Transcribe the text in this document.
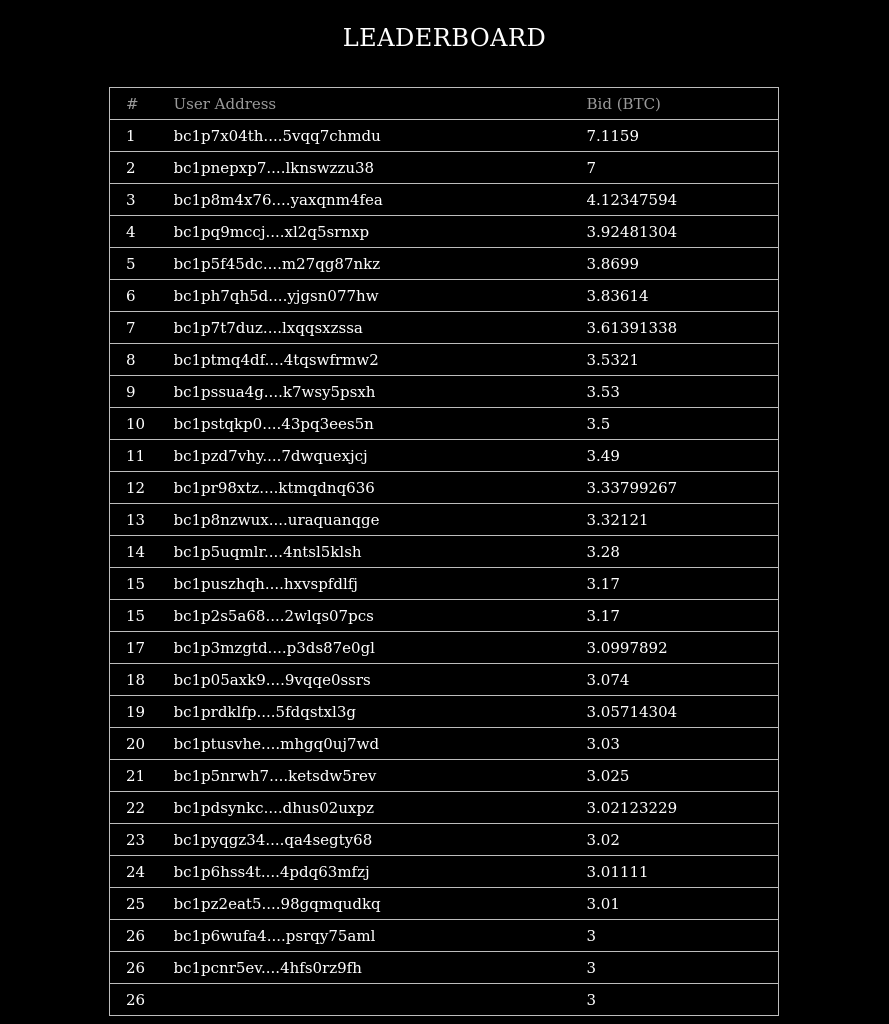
LEADERBOARD
#	User Address	Bid (BTC)
1	bc1p7x04th....5vqq7chmdu	7.1159
2	bc1pnepxp7....lknswzzu38	7
3	bc1p8m4x76....yaxqnm4fea	4.12347594
4	bc1pq9mccj....xl2q5srnxp	3.92481304
5	bc1p5f45dc....m27qg87nkz	3.8699
6	bc1ph7qh5d....yjgsn077hw	3.83614
7	bc1p7t7duz....lxqqsxzssa	3.61391338
8	bc1ptmq4df....4tqswfrmw2	3.5321
9	bc1pssua4g....k7wsy5psxh	3.53
10	bc1pstqkp0....43pq3ees5n	3.5
11	bc1pzd7vhy....7dwquexjcj	3.49
12	bc1pr98xtz....ktmqdnq636	3.33799267
13	bc1p8nzwux....uraquanqge	3.32121
14	bc1p5uqmlr....4ntsl5klsh	3.28
15	bc1puszhqh....hxvspfdlfj	3.17
15	bc1p2s5a68....2wlqs07pcs	3.17
17	bc1p3mzgtd....p3ds87e0gl	3.0997892
18	bc1p05axk9....9vqqe0ssrs	3.074
19	bc1prdklfp....5fdqstxl3g	3.05714304
20	bc1ptusvhe....mhgq0uj7wd	3.03
21	bc1p5nrwh7....ketsdw5rev	3.025
22	bc1pdsynkc....dhus02uxpz	3.02123229
23	bc1pyqgz34....qa4segty68	3.02
24	bc1p6hss4t....4pdq63mfzj	3.01111
25	bc1pz2eat5....98gqmqudkq	3.01
26	bc1p6wufa4....psrqy75aml	3
26	bc1pcnr5ev....4hfs0rz9fh	3
26		3
